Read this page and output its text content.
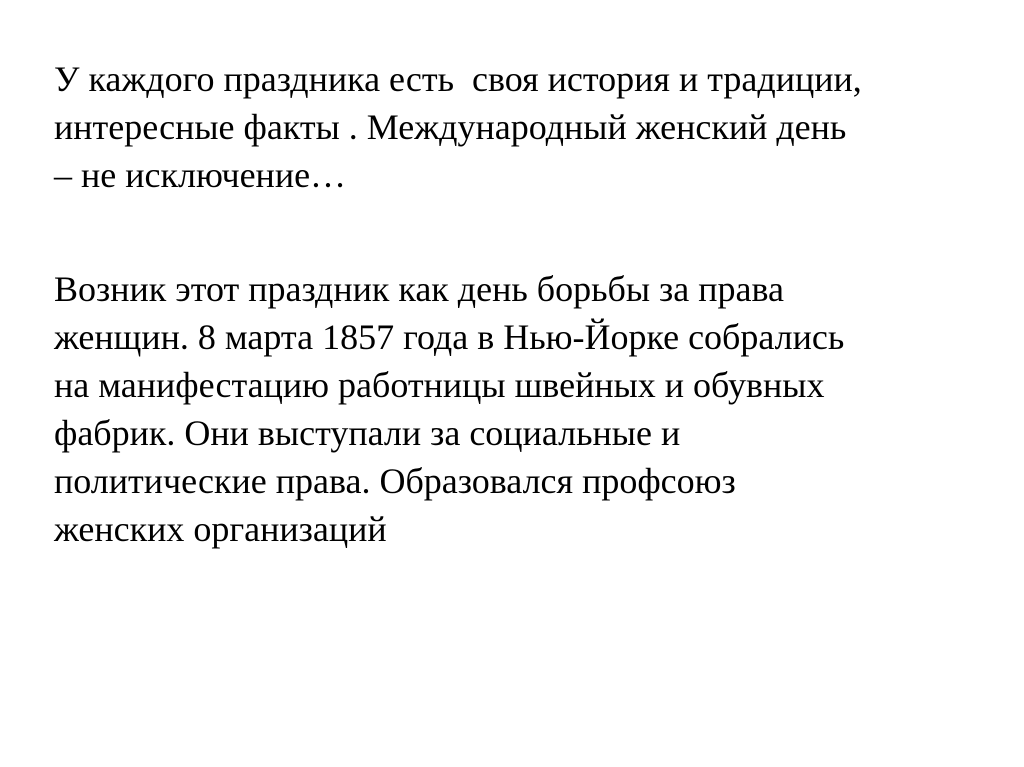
У каждого праздника есть  своя история и традиции,
интересные факты . Международный женский день
– не исключение…
Возник этот праздник как день борьбы за права
женщин. 8 марта 1857 года в Нью-Йорке собрались
на манифестацию работницы швейных и обувных
фабрик. Они выступали за социальные и
политические права. Образовался профсоюз
женских организаций
